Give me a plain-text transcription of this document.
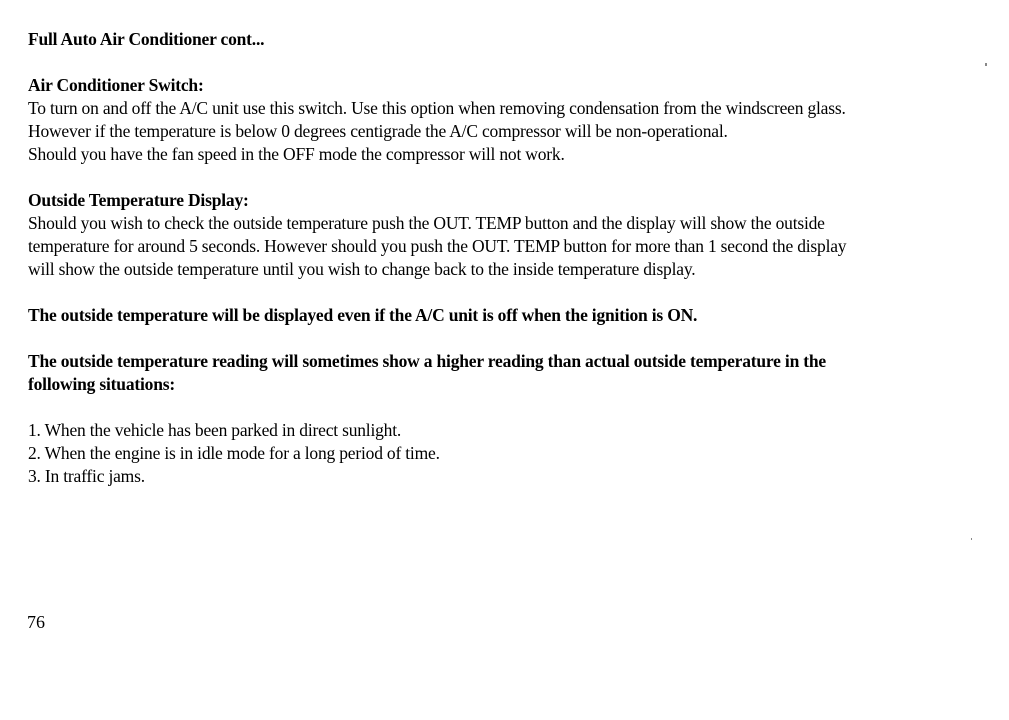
Full Auto Air Conditioner cont...
Air Conditioner Switch:
To turn on and off the A/C unit use this switch. Use this option when removing condensation from the windscreen glass.
However if the temperature is below 0 degrees centigrade the A/C compressor will be non-operational.
Should you have the fan speed in the OFF mode the compressor will not work.
Outside Temperature Display:
Should you wish to check the outside temperature push the OUT. TEMP button and the display will show the outside
temperature for around 5 seconds. However should you push the OUT. TEMP button for more than 1 second the display
will show the outside temperature until you wish to change back to the inside temperature display.
The outside temperature will be displayed even if the A/C unit is off when the ignition is ON.
The outside temperature reading will sometimes show a higher reading than actual outside temperature in the
following situations:
1. When the vehicle has been parked in direct sunlight.
2. When the engine is in idle mode for a long period of time.
3. In traffic jams.
76
